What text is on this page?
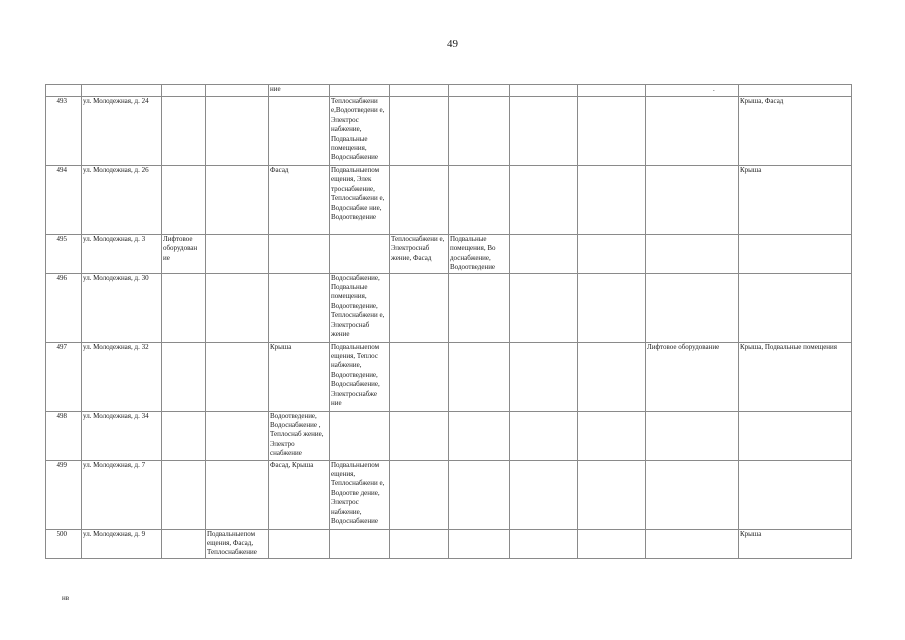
49
				ние						.	
493	ул. Молодежная, д. 24				Теплоснабжени е,Водоотведени е, Электрос набжение, Подвальные помещения, Водоснабжение						Крыша, Фасад
494	ул. Молодежная, д. 26			Фасад	Подвальныепом ещения, Элек троснабжение, Теплоснабжени е, Водоснабже ние, Водоотведение						Крыша
495	ул. Молодежная, д. 3	Лифтовое оборудован ие				Теплоснабжени е, Электроснаб жение, Фасад	Подвальные помещения, Во доснабжение, Водоотведение				
496	ул. Молодежная, д. 30				Водоснабжение, Подвальные помещения, Водоотведение, Теплоснабжени е, Электроснаб жение						
497	ул. Молодежная, д. 32			Крыша	Подвальныепом ещения, Теплос набжение, Водоотведение, Водоснабжение, Электроснабже ние					Лифтовое оборудование	Крыша, Подвальные помещения
498	ул. Молодежная, д. 34			Водоотведение, Водоснабжение , Теплоснаб жение, Электро снабжение							
499	ул. Молодежная, д. 7			Фасад, Крыша	Подвальныепом ещения, Теплоснабжени е, Водоотве дение, Электрос набжение, Водоснабжение						
500	ул. Молодежная, д. 9		Подвальныепом ещения, Фасад, Теплоснабжение								Крыша
нв
